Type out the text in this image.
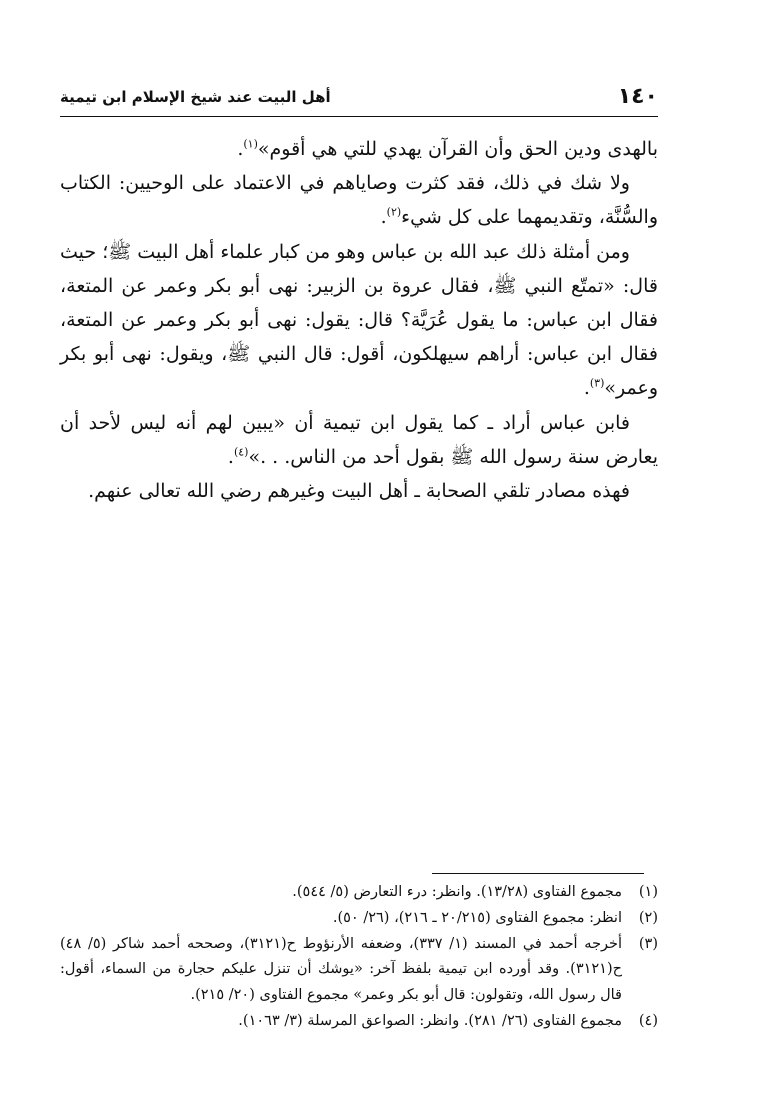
١٤٠
أهل البيت عند شيخ الإسلام ابن تيمية

بالهدى ودين الحق وأن القرآن يهدي للتي هي أقوم»$^{(١)}$.

ولا شك في ذلك، فقد كثرت وصاياهم في الاعتماد على الوحيين: الكتاب والسُّنَّة، وتقديمهما على كل شيء$^{(٢)}$.

ومن أمثلة ذلك عبد الله بن عباس وهو من كبار علماء أهل البيت ﷺ؛ حيث قال: «تمتّع النبي ﷺ، فقال عروة بن الزبير: نهى أبو بكر وعمر عن المتعة، فقال ابن عباس: ما يقول عُرَيَّة؟ قال: يقول: نهى أبو بكر وعمر عن المتعة، فقال ابن عباس: أراهم سيهلكون، أقول: قال النبي ﷺ، ويقول: نهى أبو بكر وعمر»$^{(٣)}$.

فابن عباس أراد ـ كما يقول ابن تيمية أن «يبين لهم أنه ليس لأحد أن يعارض سنة رسول الله ﷺ بقول أحد من الناس. . .»$^{(٤)}$.

فهذه مصادر تلقي الصحابة ـ أهل البيت وغيرهم رضي الله تعالى عنهم.

(١)
مجموع الفتاوى (١٣/٢٨). وانظر: درء التعارض (٥/ ٥٤٤).
(٢)
انظر: مجموع الفتاوى (٢٠/٢١٥ ـ ٢١٦)، (٢٦/ ٥٠).
(٣)
أخرجه أحمد في المسند (١/ ٣٣٧)، وضعفه الأرنؤوط ح(٣١٢١)، وصححه أحمد شاكر (٥/ ٤٨) ح(٣١٢١). وقد أورده ابن تيمية بلفظ آخر: «يوشك أن تنزل عليكم حجارة من السماء، أقول: قال رسول الله، وتقولون: قال أبو بكر وعمر» مجموع الفتاوى (٢٠/ ٢١٥).
(٤)
مجموع الفتاوى (٢٦/ ٢٨١). وانظر: الصواعق المرسلة (٣/ ١٠٦٣).
